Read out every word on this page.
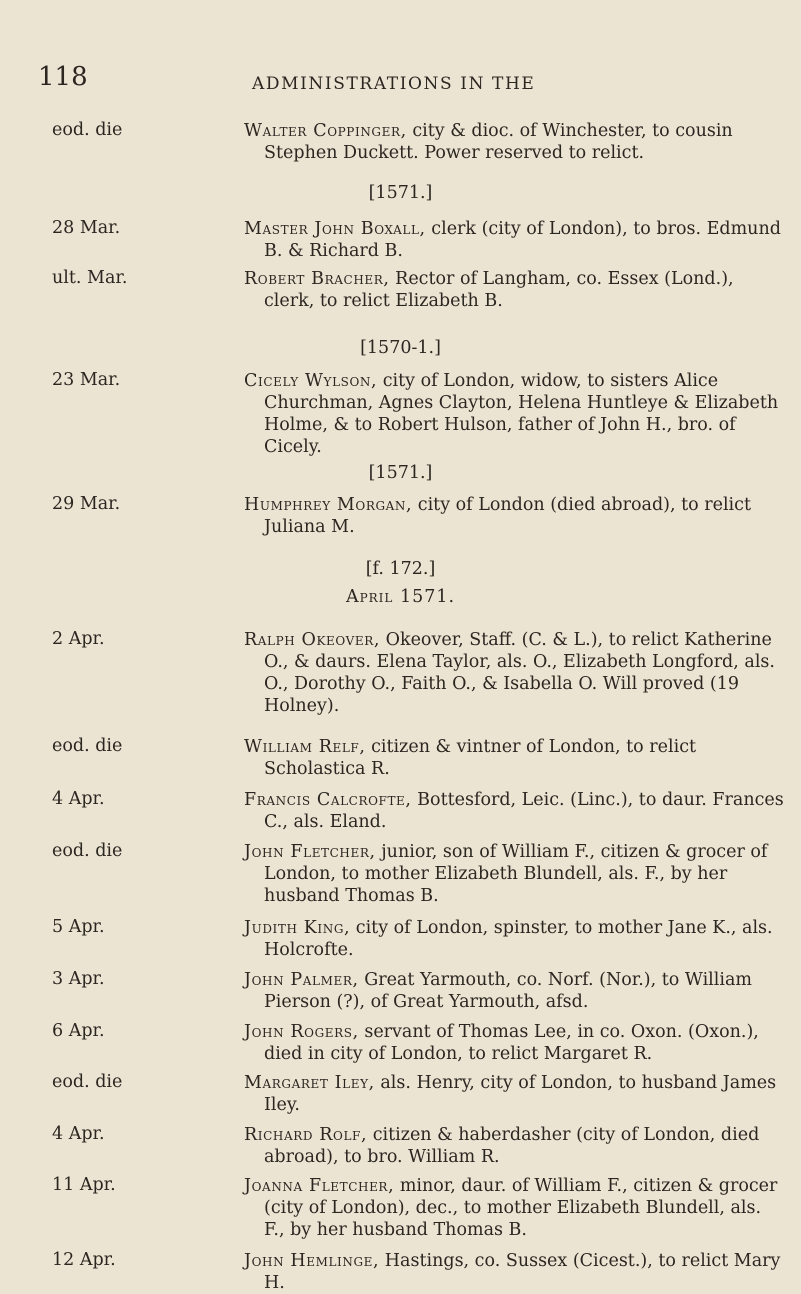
118	ADMINISTRATIONS IN THE
eod. die	Walter Coppinger, city & dioc. of Winchester, to cousin Stephen Duckett. Power reserved to relict.
[1571.]
28 Mar.	Master John Boxall, clerk (city of London), to bros. Edmund B. & Richard B.
ult. Mar.	Robert Bracher, Rector of Langham, co. Essex (Lond.), clerk, to relict Elizabeth B.
[1570-1.]
23 Mar.	Cicely Wylson, city of London, widow, to sisters Alice Churchman, Agnes Clayton, Helena Huntleye & Elizabeth Holme, & to Robert Hulson, father of John H., bro. of Cicely.
[1571.]
29 Mar.	Humphrey Morgan, city of London (died abroad), to relict Juliana M.
[f. 172.]
April 1571.
2 Apr.	Ralph Okeover, Okeover, Staff. (C. & L.), to relict Katherine O., & daurs. Elena Taylor, als. O., Elizabeth Longford, als. O., Dorothy O., Faith O., & Isabella O. Will proved (19 Holney).
eod. die	William Relf, citizen & vintner of London, to relict Scholastica R.
4 Apr.	Francis Calcrofte, Bottesford, Leic. (Linc.), to daur. Frances C., als. Eland.
eod. die	John Fletcher, junior, son of William F., citizen & grocer of London, to mother Elizabeth Blundell, als. F., by her husband Thomas B.
5 Apr.	Judith King, city of London, spinster, to mother Jane K., als. Holcrofte.
3 Apr.	John Palmer, Great Yarmouth, co. Norf. (Nor.), to William Pierson (?), of Great Yarmouth, afsd.
6 Apr.	John Rogers, servant of Thomas Lee, in co. Oxon. (Oxon.), died in city of London, to relict Margaret R.
eod. die	Margaret Iley, als. Henry, city of London, to husband James Iley.
4 Apr.	Richard Rolf, citizen & haberdasher (city of London, died abroad), to bro. William R.
11 Apr.	Joanna Fletcher, minor, daur. of William F., citizen & grocer (city of London), dec., to mother Elizabeth Blundell, als. F., by her husband Thomas B.
12 Apr.	John Hemlinge, Hastings, co. Sussex (Cicest.), to relict Mary H.
